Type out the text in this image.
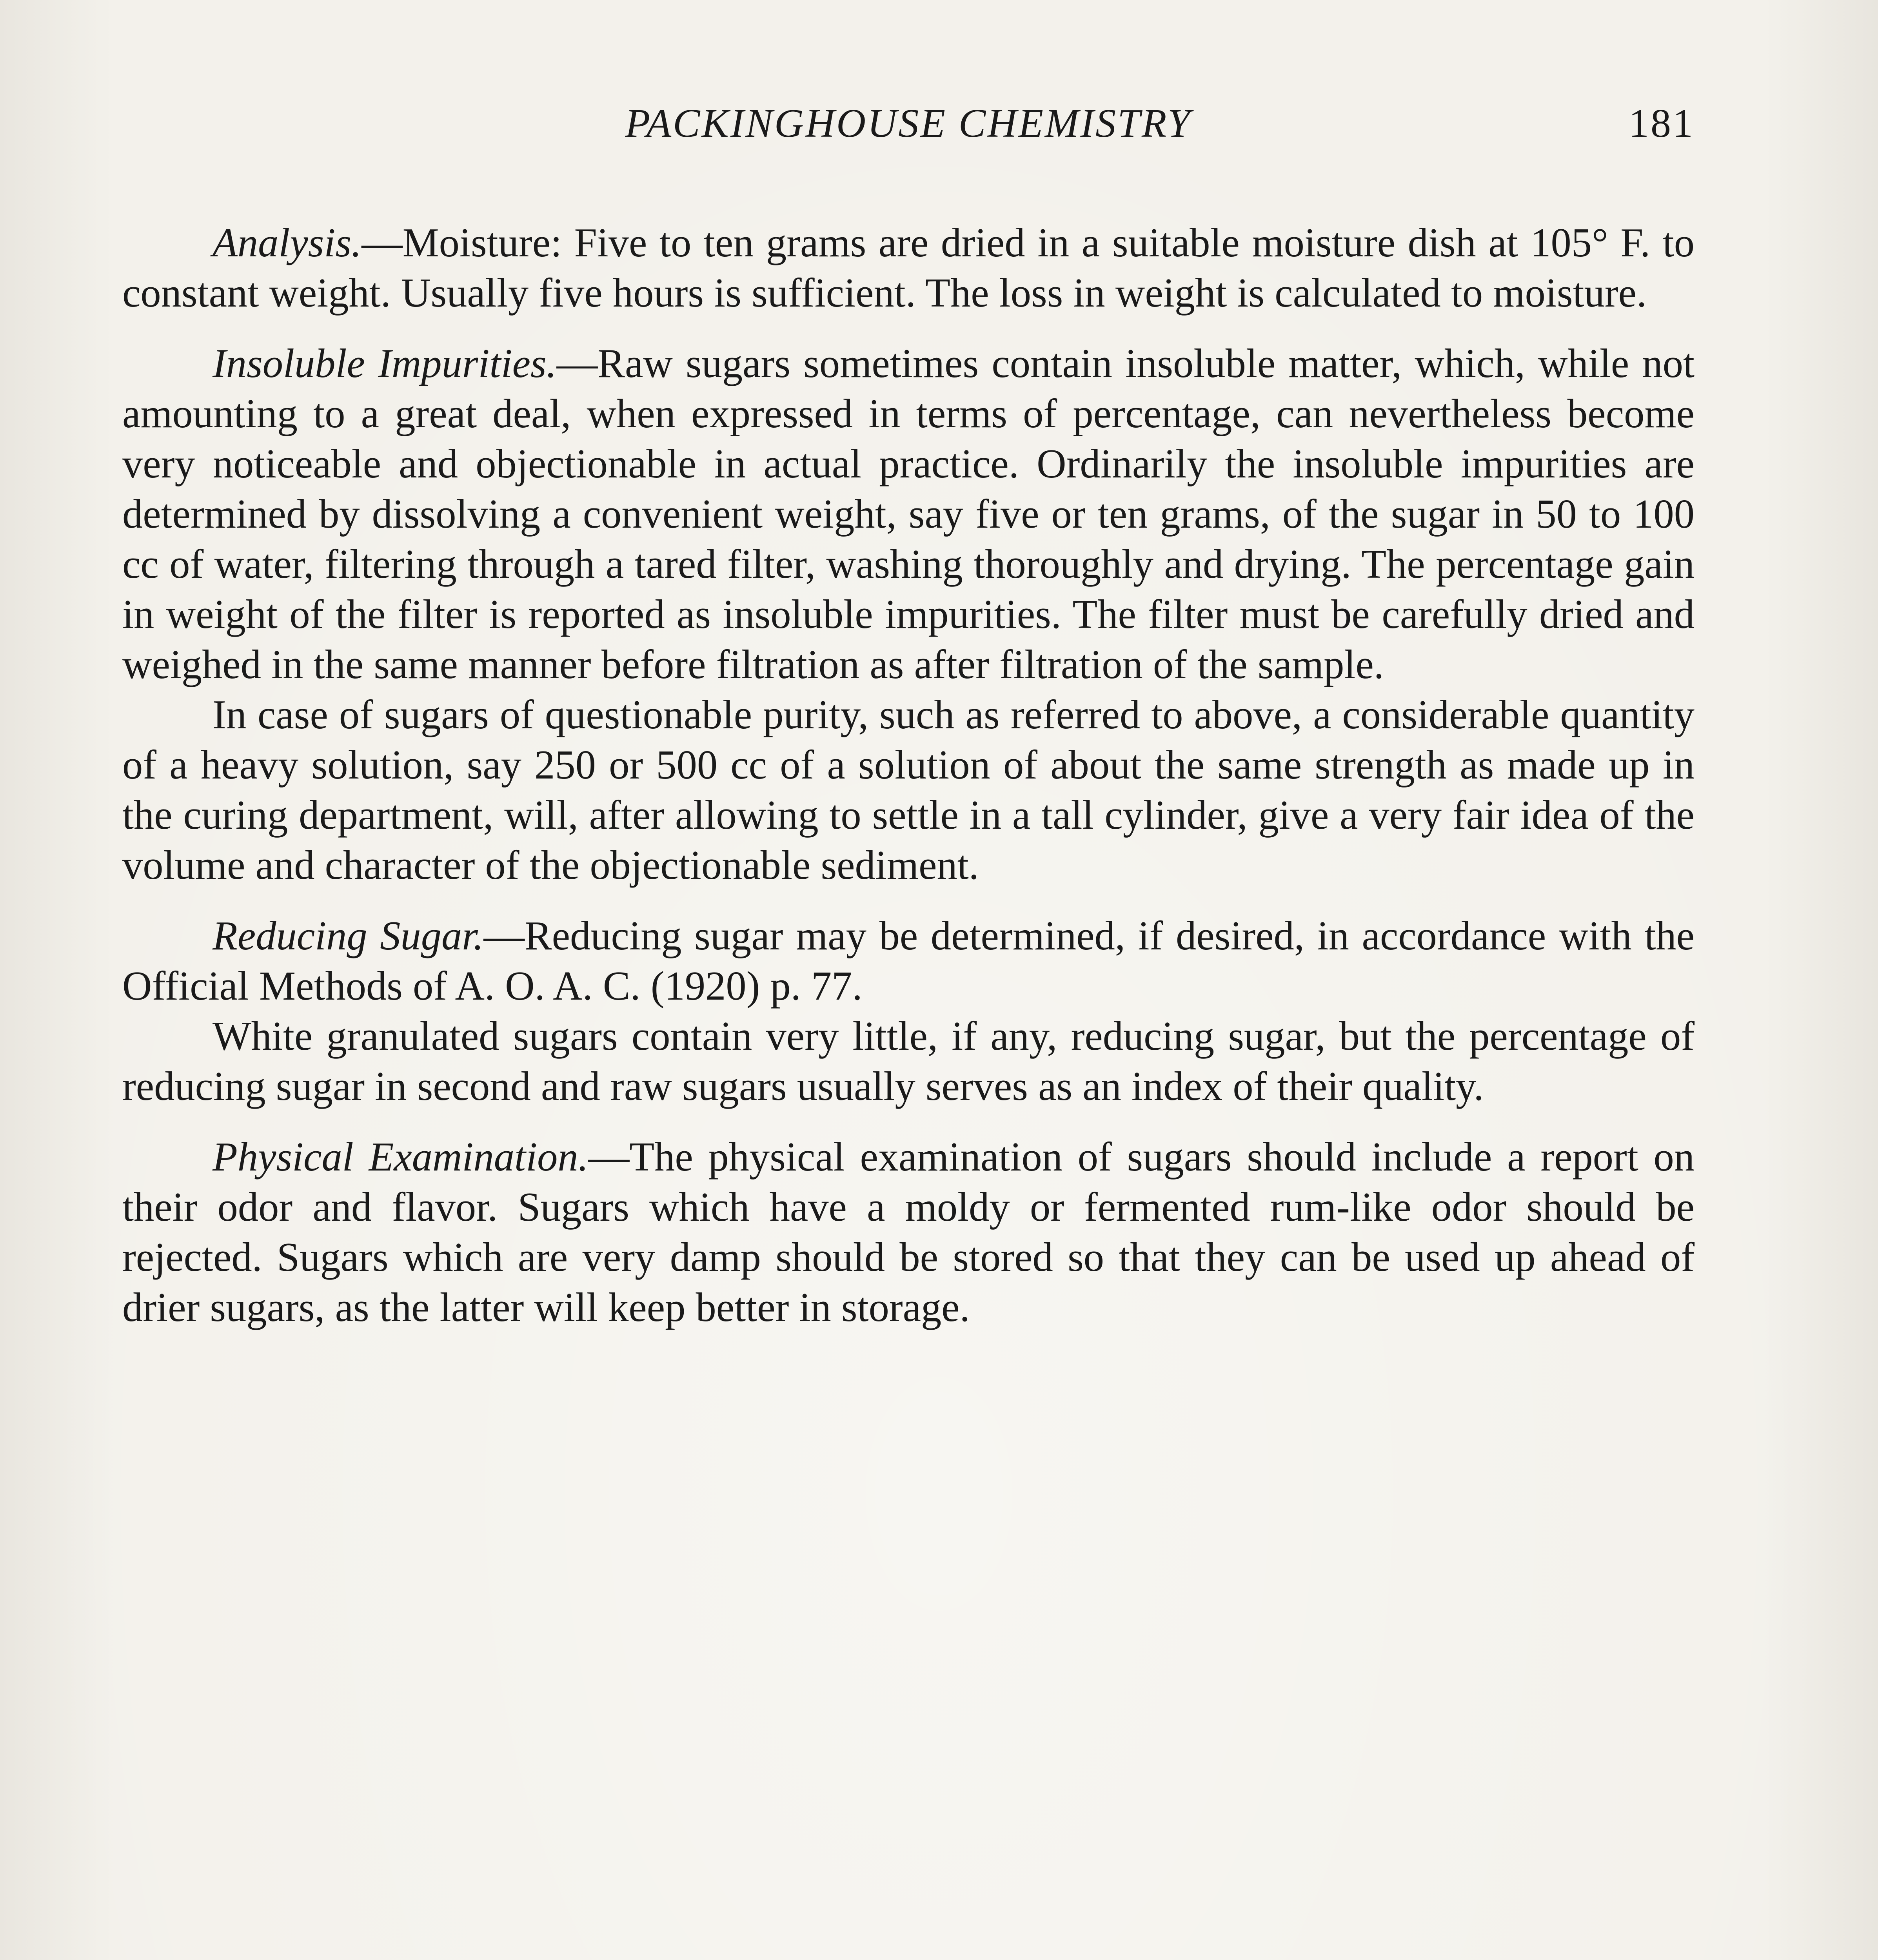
PACKINGHOUSE CHEMISTRY	181

Analysis.—Moisture: Five to ten grams are dried in a suitable moisture dish at 105° F. to constant weight. Usually five hours is sufficient. The loss in weight is calculated to moisture.

Insoluble Impurities.—Raw sugars sometimes contain insoluble matter, which, while not amounting to a great deal, when expressed in terms of percentage, can nevertheless become very noticeable and objectionable in actual practice. Ordinarily the insoluble impurities are determined by dissolving a convenient weight, say five or ten grams, of the sugar in 50 to 100 cc of water, filtering through a tared filter, washing thoroughly and drying. The percentage gain in weight of the filter is reported as insoluble impurities. The filter must be carefully dried and weighed in the same manner before filtration as after filtration of the sample.

In case of sugars of questionable purity, such as referred to above, a considerable quantity of a heavy solution, say 250 or 500 cc of a solution of about the same strength as made up in the curing department, will, after allowing to settle in a tall cylinder, give a very fair idea of the volume and character of the objectionable sediment.

Reducing Sugar.—Reducing sugar may be determined, if desired, in accordance with the Official Methods of A. O. A. C. (1920) p. 77.

White granulated sugars contain very little, if any, reducing sugar, but the percentage of reducing sugar in second and raw sugars usually serves as an index of their quality.

Physical Examination.—The physical examination of sugars should include a report on their odor and flavor. Sugars which have a moldy or fermented rum-like odor should be rejected. Sugars which are very damp should be stored so that they can be used up ahead of drier sugars, as the latter will keep better in storage.
